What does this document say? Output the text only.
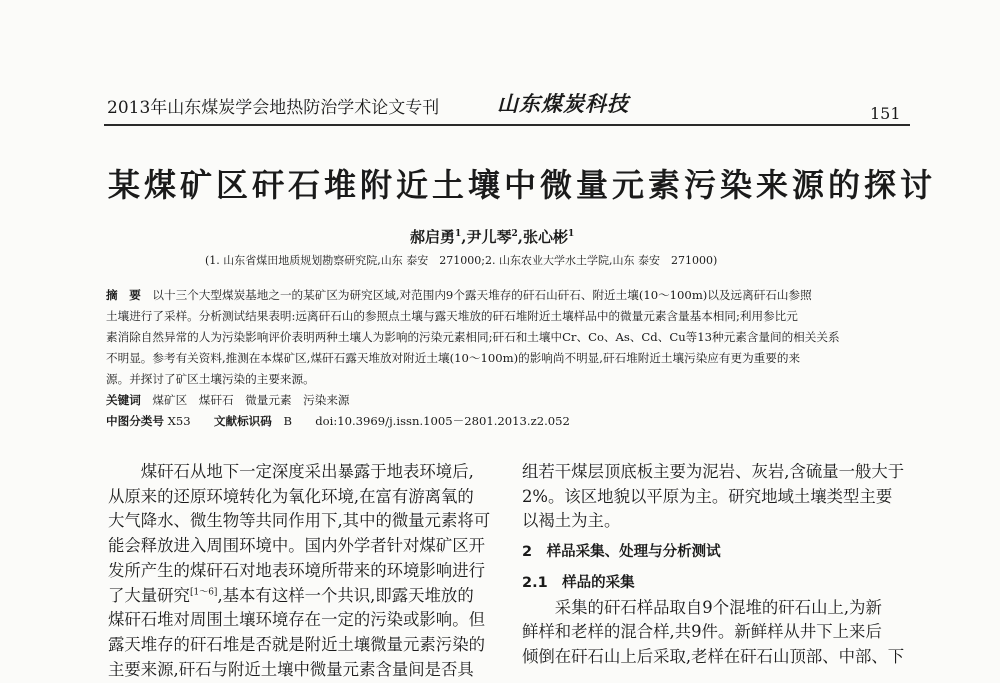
2013年山东煤炭学会地热防治学术论文专刊	山东煤炭科技	151
某煤矿区矸石堆附近土壤中微量元素污染来源的探讨
郝启勇$^1$,尹儿琴$^2$,张心彬$^1$
(1. 山东省煤田地质规划勘察研究院,山东 泰安　271000;2. 山东农业大学水土学院,山东 泰安　271000)
摘　要　 以十三个大型煤炭基地之一的某矿区为研究区域,对范围内9个露天堆存的矸石山矸石、附近土壤(10～100m)以及远离矸石山参照
土壤进行了采样。分析测试结果表明:远离矸石山的参照点土壤与露天堆放的矸石堆附近土壤样品中的微量元素含量基本相同;利用参比元
素消除自然异常的人为污染影响评价表明两种土壤人为影响的污染元素相同;矸石和土壤中Cr、Co、As、Cd、Cu等13种元素含量间的相关关系
不明显。参考有关资料,推测在本煤矿区,煤矸石露天堆放对附近土壤(10～100m)的影响尚不明显,矸石堆附近土壤污染应有更为重要的来
源。并探讨了矿区土壤污染的主要来源。
关键词　 煤矿区　煤矸石　微量元素　污染来源
中图分类号 X53　　 文献标识码　 B　　 doi:10.3969/j.issn.1005－2801.2013.z2.052
　　煤矸石从地下一定深度采出暴露于地表环境后,
从原来的还原环境转化为氧化环境,在富有游离氧的
大气降水、微生物等共同作用下,其中的微量元素将可
能会释放进入周围环境中。国内外学者针对煤矿区开
发所产生的煤矸石对地表环境所带来的环境影响进行
了大量研究[1～6],基本有这样一个共识,即露天堆放的
煤矸石堆对周围土壤环境存在一定的污染或影响。但
露天堆存的矸石堆是否就是附近土壤微量元素污染的
主要来源,矸石与附近土壤中微量元素含量间是否具
组若干煤层顶底板主要为泥岩、灰岩,含硫量一般大于
2%。该区地貌以平原为主。研究地域土壤类型主要
以褐土为主。
2　样品采集、处理与分析测试
2.1　样品的采集
　　采集的矸石样品取自9个混堆的矸石山上,为新
鲜样和老样的混合样,共9件。新鲜样从井下上来后
倾倒在矸石山上后采取,老样在矸石山顶部、中部、下
